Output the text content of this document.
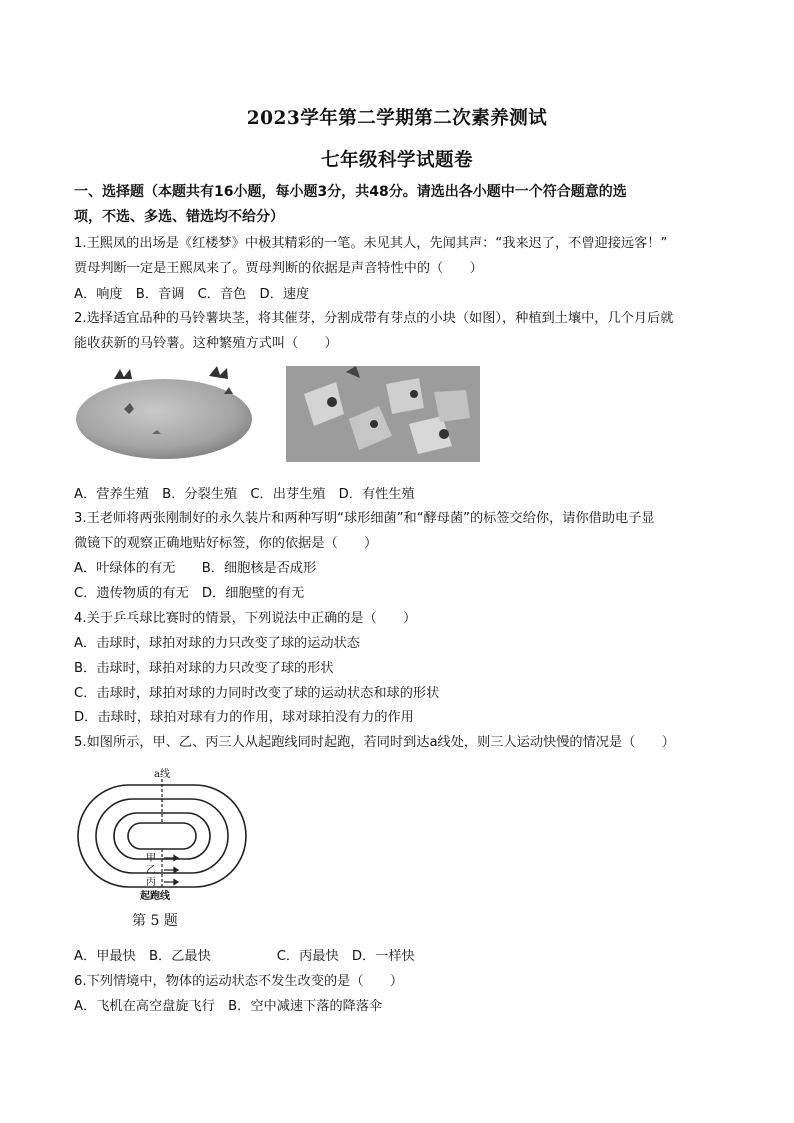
2023学年第二学期第二次素养测试
七年级科学试题卷
一、选择题（本题共有16小题，每小题3分，共48分。请选出各小题中一个符合题意的选
项，不选、多选、错选均不给分）
1.王熙凤的出场是《红楼梦》中极其精彩的一笔。未见其人，先闻其声：“我来迟了，不曾迎接远客！”
贾母判断一定是王熙凤来了。贾母判断的依据是声音特性中的（　　）
A．响度　B．音调　C．音色　D．速度
2.选择适宜品种的马铃薯块茎，将其催芽，分割成带有芽点的小块（如图），种植到土壤中，几个月后就
能收获新的马铃薯。这种繁殖方式叫（　　）
A．营养生殖　B．分裂生殖　C．出芽生殖　D．有性生殖
3.王老师将两张刚制好的永久装片和两种写明“球形细菌”和“酵母菌”的标签交给你，请你借助电子显
微镜下的观察正确地贴好标签，你的依据是（　　）
A．叶绿体的有无　　B．细胞核是否成形
C．遗传物质的有无　D．细胞壁的有无
4.关于乒乓球比赛时的情景，下列说法中正确的是（　　）
A．击球时，球拍对球的力只改变了球的运动状态
B．击球时，球拍对球的力只改变了球的形状
C．击球时，球拍对球的力同时改变了球的运动状态和球的形状
D．击球时，球拍对球有力的作用，球对球拍没有力的作用
5.如图所示，甲、乙、丙三人从起跑线同时起跑，若同时到达a线处，则三人运动快慢的情况是（　　）
a线
甲
乙
丙
起跑线
第 5 题
A．甲最快　B．乙最快　　　　　C．丙最快　D．一样快
6.下列情境中，物体的运动状态不发生改变的是（　　）
A．飞机在高空盘旋飞行　B．空中减速下落的降落伞
